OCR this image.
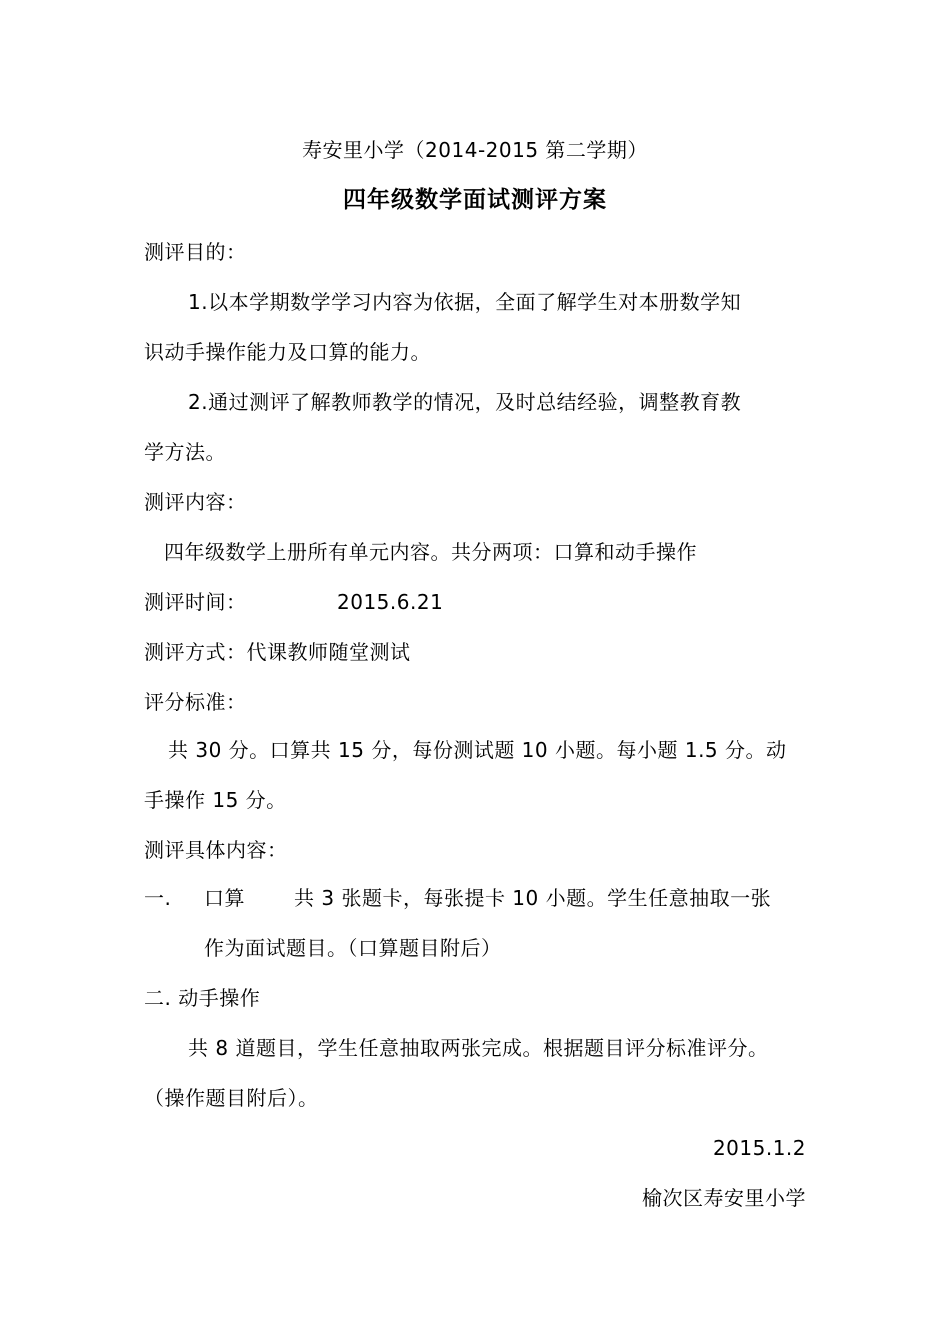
寿安里小学（2014-2015 第二学期）
四年级数学面试测评方案
测评目的：
1.以本学期数学学习内容为依据，全面了解学生对本册数学知
识动手操作能力及口算的能力。
2.通过测评了解教师教学的情况，及时总结经验，调整教育教
学方法。
测评内容：
四年级数学上册所有单元内容。共分两项：口算和动手操作
测评时间：	2015.6.21
测评方式：代课教师随堂测试
评分标准：
共 30 分。口算共 15 分，每份测试题 10 小题。每小题 1.5 分。动
手操作 15 分。
测评具体内容：
一. 口算 共 3 张题卡，每张提卡 10 小题。学生任意抽取一张
作为面试题目。（口算题目附后）
二. 动手操作
共 8 道题目，学生任意抽取两张完成。根据题目评分标准评分。
（操作题目附后）。
2015.1.2
榆次区寿安里小学
